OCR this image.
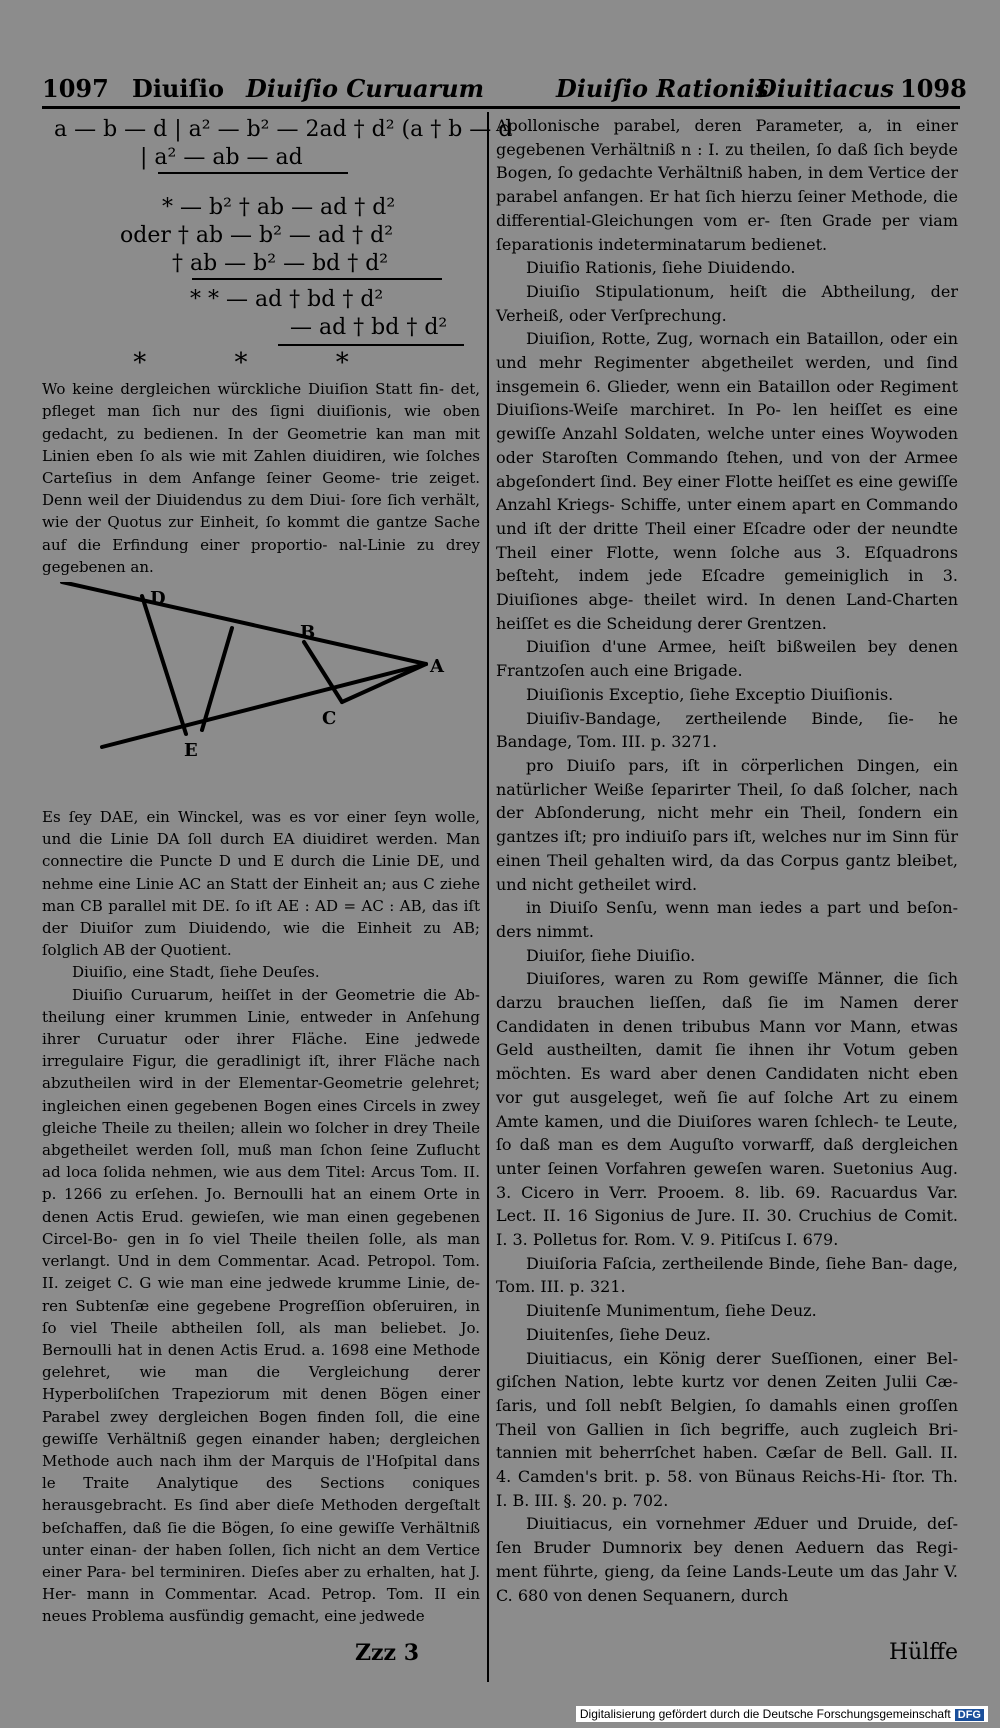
1097 Diuiſio Diuiſio Curuarum	Diuiſio Rationis
Diuitiacus 1098
a — b — d | a² — b² — 2ad † d² (a † b — d
| a² — ab — ad
* — b² † ab — ad † d²
oder † ab — b² — ad † d²
† ab — b² — bd † d²
* * — ad † bd † d²
— ad † bd † d²
* * *

Wo keine dergleichen würckliche Diuiſion Statt fin- det, pfleget man ſich nur des ſigni diuiſionis, wie oben gedacht, zu bedienen. In der Geometrie kan man mit Linien eben ſo als wie mit Zahlen diuidiren, wie ſolches Carteſius in dem Anfange ſeiner Geome- trie zeiget. Denn weil der Diuidendus zu dem Diui- ſore ſich verhält, wie der Quotus zur Einheit, ſo kommt die gantze Sache auf die Erfindung einer proportio- nal-Linie zu drey gegebenen an.

D
B
A
C
E

Es ſey DAE, ein Winckel, was es vor einer ſeyn wolle, und die Linie DA ſoll durch EA diuidiret werden. Man connectire die Puncte D und E durch die Linie DE, und nehme eine Linie AC an Statt der Einheit an; aus C ziehe man CB parallel mit DE. ſo iſt AE : AD = AC : AB, das iſt der Diuiſor zum Diuidendo, wie die Einheit zu AB; ſolglich AB der Quotient.

Diuiſio, eine Stadt, ſiehe Deuſes.

Diuiſio Curuarum, heiſſet in der Geometrie die Ab- theilung einer krummen Linie, entweder in Anſehung ihrer Curuatur oder ihrer Fläche. Eine jedwede irregulaire Figur, die geradlinigt iſt, ihrer Fläche nach abzutheilen wird in der Elementar-Geometrie gelehret; ingleichen einen gegebenen Bogen eines Circels in zwey gleiche Theile zu theilen; allein wo ſolcher in drey Theile abgetheilet werden ſoll, muß man ſchon ſeine Zuflucht ad loca ſolida nehmen, wie aus dem Titel: Arcus Tom. II. p. 1266 zu erſehen. Jo. Bernoulli hat an einem Orte in denen Actis Erud. gewieſen, wie man einen gegebenen Circel-Bo- gen in ſo viel Theile theilen ſolle, als man verlangt. Und in dem Commentar. Acad. Petropol. Tom. II. zeiget C. G wie man eine jedwede krumme Linie, de- ren Subtenſæ eine gegebene Progreſſion obſeruiren, in ſo viel Theile abtheilen ſoll, als man beliebet. Jo. Bernoulli hat in denen Actis Erud. a. 1698 eine Methode gelehret, wie man die Vergleichung derer Hyperboliſchen Trapeziorum mit denen Bögen einer Parabel zwey dergleichen Bogen finden ſoll, die eine gewiſſe Verhältniß gegen einander haben; dergleichen Methode auch nach ihm der Marquis de l'Hoſpital dans le Traite Analytique des Sections coniques herausgebracht. Es ſind aber dieſe Methoden dergeſtalt beſchaffen, daß ſie die Bögen, ſo eine gewiſſe Verhältniß unter einan- der haben ſollen, ſich nicht an dem Vertice einer Para- bel terminiren. Dieſes aber zu erhalten, hat J. Her- mann in Commentar. Acad. Petrop. Tom. II ein neues Problema ausfündig gemacht, eine jedwede

Apollonische parabel, deren Parameter, a, in einer gegebenen Verhältniß n : I. zu theilen, ſo daß ſich beyde Bogen, ſo gedachte Verhältniß haben, in dem Vertice der parabel anfangen. Er hat ſich hierzu ſeiner Methode, die differential-Gleichungen vom er- ſten Grade per viam ſeparationis indeterminatarum bedienet.

Diuiſio Rationis, ſiehe Diuidendo.

Diuiſio Stipulationum, heiſt die Abtheilung, der Verheiß, oder Verſprechung.

Diuiſion, Rotte, Zug, wornach ein Bataillon, oder ein und mehr Regimenter abgetheilet werden, und ſind insgemein 6. Glieder, wenn ein Bataillon oder Regiment Diuiſions-Weiſe marchiret. In Po- len heiſſet es eine gewiſſe Anzahl Soldaten, welche unter eines Woywoden oder Staroſten Commando ſtehen, und von der Armee abgeſondert ſind. Bey einer Flotte heiſſet es eine gewiſſe Anzahl Kriegs- Schiffe, unter einem apart en Commando und iſt der dritte Theil einer Eſcadre oder der neundte Theil einer Flotte, wenn ſolche aus 3. Eſquadrons beſteht, indem jede Eſcadre gemeiniglich in 3. Diuiſiones abge- theilet wird. In denen Land-Charten heiſſet es die Scheidung derer Grentzen.

Diuiſion d'une Armee, heiſt bißweilen bey denen Frantzoſen auch eine Brigade.

Diuiſionis Exceptio, ſiehe Exceptio Diuiſionis.

Diuiſiv-Bandage, zertheilende Binde, ſie- he Bandage, Tom. III. p. 3271.

pro Diuiſo pars, iſt in cörperlichen Dingen, ein natürlicher Weiße ſeparirter Theil, ſo daß ſolcher, nach der Abſonderung, nicht mehr ein Theil, ſondern ein gantzes iſt; pro indiuiſo pars iſt, welches nur im Sinn für einen Theil gehalten wird, da das Corpus gantz bleibet, und nicht getheilet wird.

in Diuiſo Senſu, wenn man iedes a part und beſon- ders nimmt.

Diuiſor, ſiehe Diuiſio.

Diuiſores, waren zu Rom gewiſſe Männer, die ſich darzu brauchen lieſſen, daß ſie im Namen derer Candidaten in denen tribubus Mann vor Mann, etwas Geld austheilten, damit ſie ihnen ihr Votum geben möchten. Es ward aber denen Candidaten nicht eben vor gut ausgeleget, weñ ſie auf ſolche Art zu einem Amte kamen, und die Diuiſores waren ſchlech- te Leute, ſo daß man es dem Auguſto vorwarff, daß dergleichen unter ſeinen Vorfahren geweſen waren. Suetonius Aug. 3. Cicero in Verr. Prooem. 8. lib. 69. Racuardus Var. Lect. II. 16 Sigonius de Jure. II. 30. Cruchius de Comit. I. 3. Polletus for. Rom. V. 9. Pitiſcus I. 679.

Diuiſoria Faſcia, zertheilende Binde, ſiehe Ban- dage, Tom. III. p. 321.

Diuitenſe Munimentum, ſiehe Deuz.

Diuitenſes, ſiehe Deuz.

Diuitiacus, ein König derer Sueſſionen, einer Bel- giſchen Nation, lebte kurtz vor denen Zeiten Julii Cæ- ſaris, und ſoll nebſt Belgien, ſo damahls einen groſſen Theil von Gallien in ſich begriffe, auch zugleich Bri- tannien mit beherrſchet haben. Cæſar de Bell. Gall. II. 4. Camden's brit. p. 58. von Bünaus Reichs-Hi- ſtor. Th. I. B. III. §. 20. p. 702.

Diuitiacus, ein vornehmer Æduer und Druide, deſ- ſen Bruder Dumnorix bey denen Aeduern das Regi- ment führte, gieng, da ſeine Lands-Leute um das Jahr V. C. 680 von denen Sequanern, durch

Zzz 3	Hülffe
Digitalisierung gefördert durch die Deutsche Forschungsgemeinschaft DFG
